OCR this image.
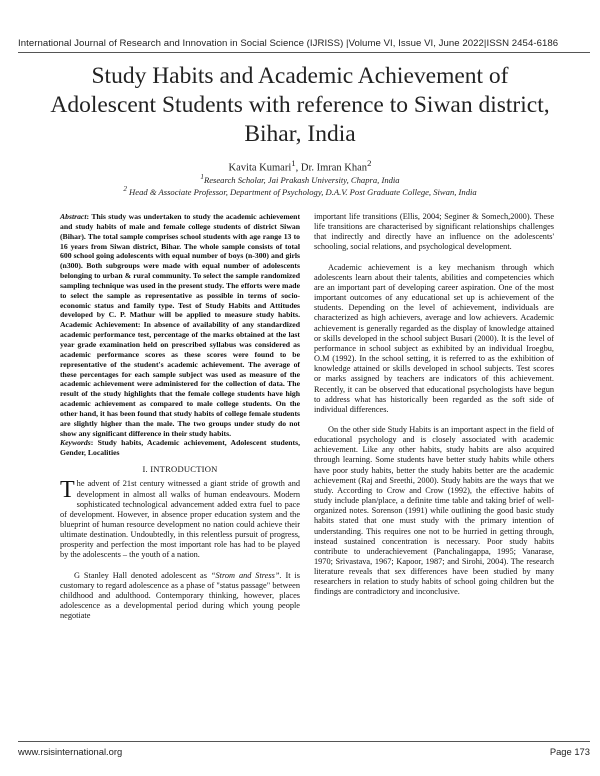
International Journal of Research and Innovation in Social Science (IJRISS) |Volume VI, Issue VI, June 2022|ISSN 2454-6186
Study Habits and Academic Achievement of
Adolescent Students with reference to Siwan district,
Bihar, India
Kavita Kumari$^1$, Dr. Imran Khan$^2$
$^1$Research Scholar, Jai Prakash University, Chapra, India
$^2$ Head & Associate Professor, Department of Psychology, D.A.V. Post Graduate College, Siwan, India

Abstract: This study was undertaken to study the academic achievement and study habits of male and female college students of district Siwan (Bihar). The total sample comprises school students with age range 13 to 16 years from Siwan district, Bihar. The whole sample consists of total 600 school going adolescents with equal number of boys (n-300) and girls (n300). Both subgroups were made with equal number of adolescents belonging to urban & rural community. To select the sample randomized sampling technique was used in the present study. The efforts were made to select the sample as representative as possible in terms of socio-economic status and family type. Test of Study Habits and Attitudes developed by C. P. Mathur will be applied to measure study habits. Academic Achievement: In absence of availability of any standardized academic performance test, percentage of the marks obtained at the last year grade examination held on prescribed syllabus was considered as academic performance scores as these scores were found to be representative of the student's academic achievement. The average of these percentages for each sample subject was used as measure of the academic achievement were administered for the collection of data. The result of the study highlights that the female college students have high academic achievement as compared to male college students. On the other hand, it has been found that study habits of college female students are slightly higher than the male. The two groups under study do not show any significant difference in their study habits.

Keywords: Study habits, Academic achievement, Adolescent students, Gender, Localities

I. INTRODUCTION

The advent of 21st century witnessed a giant stride of growth and development in almost all walks of human endeavours. Modern sophisticated technological advancement added extra fuel to pace of development. However, in absence proper education system and the blueprint of human resource development no nation could achieve their ultimate destination. Undoubtedly, in this relentless pursuit of progress, prosperity and perfection the most important role has had to be played by the adolescents – the youth of a nation.

G Stanley Hall denoted adolescent as “Strom and Stress”. It is customary to regard adolescence as a phase of "status passage" between childhood and adulthood. Contemporary thinking, however, places adolescence as a developmental period during which young people negotiate

important life transitions (Ellis, 2004; Seginer & Somech,2000). These life transitions are characterised by significant relationships challenges that indirectly and directly have an influence on the adolescents' schooling, social relations, and psychological development.

Academic achievement is a key mechanism through which adolescents learn about their talents, abilities and competencies which are an important part of developing career aspiration. One of the most important outcomes of any educational set up is achievement of the students. Depending on the level of achievement, individuals are characterized as high achievers, average and low achievers. Academic achievement is generally regarded as the display of knowledge attained or skills developed in the school subject Busari (2000). It is the level of performance in school subject as exhibited by an individual Iroegbu, O.M (1992). In the school setting, it is referred to as the exhibition of knowledge attained or skills developed in school subjects. Test scores or marks assigned by teachers are indicators of this achievement. Recently, it can be observed that educational psychologists have begun to address what has historically been regarded as the soft side of individual differences.

On the other side Study Habits is an important aspect in the field of educational psychology and is closely associated with academic achievement. Like any other habits, study habits are also acquired through learning. Some students have better study habits while others have poor study habits, better the study habits better are the academic achievement (Raj and Sreethi, 2000). Study habits are the ways that we study. According to Crow and Crow (1992), the effective habits of study include plan/place, a definite time table and taking brief of well-organized notes. Sorenson (1991) while outlining the good basic study habits stated that one must study with the primary intention of understanding. This requires one not to be hurried in getting through, instead sustained concentration is necessary. Poor study habits contribute to underachievement (Panchalingappa, 1995; Vanarase, 1970; Srivastava, 1967; Kapoor, 1987; and Sirohi, 2004). The research literature reveals that sex differences have been studied by many researchers in relation to study habits of school going children but the findings are contradictory and inconclusive.

www.rsisinternational.org	Page 173
